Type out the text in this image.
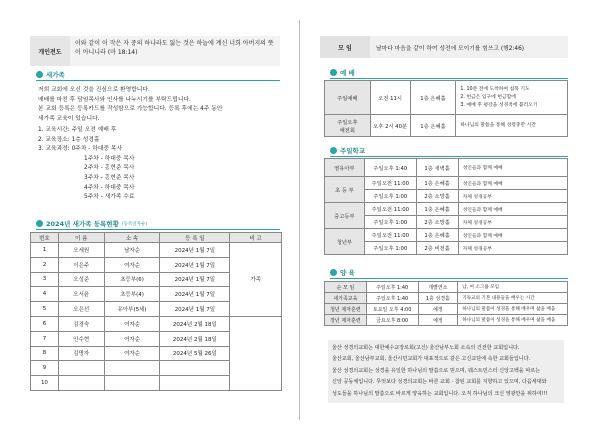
개인전도
이와 같이 이 작은 자 중의 하나라도 잃는 것은 하늘에 계신 너희 아버지의 뜻이 아니니라 (마 18:14)
새가족

저희 교회에 오신 것을 진심으로 환영합니다.

예배를 마친 후 담임목사와 인사를 나누시기를 부탁드립니다.

본 교회 등록은 등록카드를 작성함으로 가능합니다. 등록 후에는 4주 동안

새가족 교육이 있습니다.

1. 교육시간: 주일 오전 예배 후

2. 교육장소: 1층 성경홀

3. 교육과정: 0주차 - 하대중 목사

1주차 - 하대중 목사

2주차 - 홍현준 목사

3주차 - 홍현준 목사

4주차 - 하대중 목사

5주차 - 새가족 수료

2024년 새가족 등록현황 (등록일자순)
번호	이 름	소 속	등 록 일	비 고
1	오세원	남자순	2024년 1월 7일	가족
2	이은주	여자순	2024년 1월 7일	
3	오성준	초등부(6)	2024년 1월 7일	
4	오서윤	초등부(4)	2024년 1월 7일	
5	오은선	유아부(5세)	2024년 1월 7일	
6	김경숙	여자순	2024년 2월 18일	
7	안수현	여자순	2024년 2월 18일	
8	김명자	여자순	2024년 5월 26일	
9				
10				
모 임	날마다 마음을 같이 하여 성전에 모이기를 힘쓰고 (행2:46)
예 배
주일예배	오전 11시	1층 은혜홀	1. 10분 전에 도착하여 침묵 기도
2. 헌금은 입구에 헌금함에
3. 예배 후 평강을 성경적에 불러오기

주일오후
예전회	오후 2시 40분	1층 은혜홀	하나님의 말씀을 통해 성령충만 시간
주일학교
영유아부	주일오후 1:40	1층 새벽홀	성인들과 함께 예배
초 등 부	주일오전 11:00	1층 은혜홀	성인들과 함께 예배
	주일오후 1:00	2층 소망홀	자체 성경공부
중고등부	주일오전 11:00	1층 은혜홀	성인들과 함께 예배
	주일오후 1:00	2층 소망홀	자체 성경공부
청년부	주일오전 11:00	1층 은혜홀	성인들과 함께 예배
	주일오후 1:00	2층 비전홀	자체 성경공부
양 육
순 모 임	주일오후 1:40	개별연소	남, 여 소그룹 모임
새가족교육	주일오후 1:40	1층 성경홀	기독교의 기본 내용들을 배우는 시간
청년 제자훈련	토요일 오후 4:00	예정	하나님의 말씀이 성경을 통해 배우며 삶을 배움
장년 제자훈련	금요오후 8:00	예정	하나님의 말씀이 성경을 통해 배우며 삶을 배움

울산 성경의교회는 대한예수교장로회(고신) 울산남부노회 소속의 건전한 교회입니다.

울산교회, 울산남부교회, 울산시민교회가 대표적으로 같은 고신교단에 속한 교회들입니다.

울산 성경의교회는 성경을 유일한 하나님의 말씀으로 믿으며, 웨스트민스터 신앙고백을 따르는

신앙 공동체입니다. 무엇보다 성경의교회는 바른 교회 · 참된 교회를 지향하고 있으며, 다음세대와

성도들을 하나님의 말씀으로 바르게 양육하는 교회입니다. 오직 하나님의 크신 영광만을 위하여!!!
